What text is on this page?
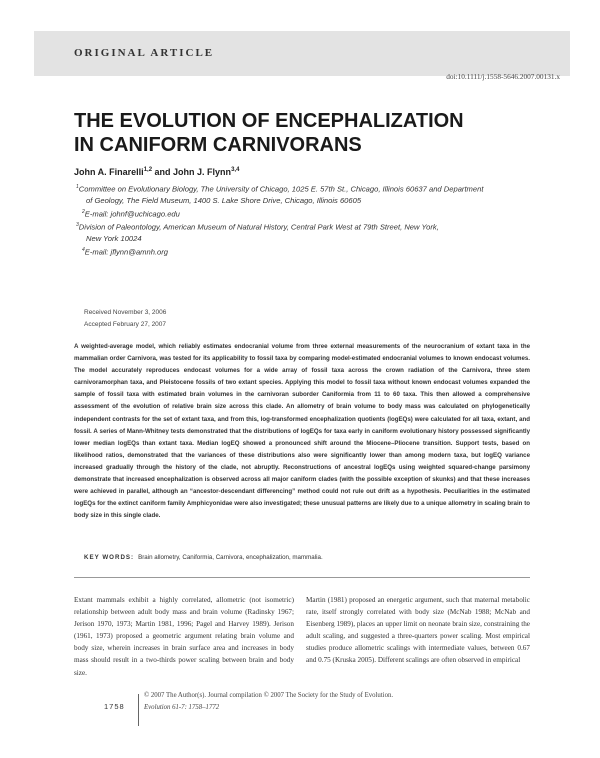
ORIGINAL ARTICLE
doi:10.1111/j.1558-5646.2007.00131.x
THE EVOLUTION OF ENCEPHALIZATION
IN CANIFORM CARNIVORANS
John A. Finarelli$^{1,2}$ and John J. Flynn$^{3,4}$
$^1$Committee on Evolutionary Biology, The University of Chicago, 1025 E. 57th St., Chicago, Illinois 60637 and Department
of Geology, The Field Museum, 1400 S. Lake Shore Drive, Chicago, Illinois 60605
$^2$E-mail: johnf@uchicago.edu
$^3$Division of Paleontology, American Museum of Natural History, Central Park West at 79th Street, New York,
New York 10024
$^4$E-mail: jflynn@amnh.org
Received November 3, 2006
Accepted February 27, 2007

A weighted-average model, which reliably estimates endocranial volume from three external measurements of the neurocranium of extant taxa in the mammalian order Carnivora, was tested for its applicability to fossil taxa by comparing model-estimated endocranial volumes to known endocast volumes. The model accurately reproduces endocast volumes for a wide array of fossil taxa across the crown radiation of the Carnivora, three stem carnivoramorphan taxa, and Pleistocene fossils of two extant species. Applying this model to fossil taxa without known endocast volumes expanded the sample of fossil taxa with estimated brain volumes in the carnivoran suborder Caniformia from 11 to 60 taxa. This then allowed a comprehensive assessment of the evolution of relative brain size across this clade. An allometry of brain volume to body mass was calculated on phylogenetically independent contrasts for the set of extant taxa, and from this, log-transformed encephalization quotients (logEQs) were calculated for all taxa, extant, and fossil. A series of Mann-Whitney tests demonstrated that the distributions of logEQs for taxa early in caniform evolutionary history possessed significantly lower median logEQs than extant taxa. Median logEQ showed a pronounced shift around the Miocene–Pliocene transition. Support tests, based on likelihood ratios, demonstrated that the variances of these distributions also were significantly lower than among modern taxa, but logEQ variance increased gradually through the history of the clade, not abruptly. Reconstructions of ancestral logEQs using weighted squared-change parsimony demonstrate that increased encephalization is observed across all major caniform clades (with the possible exception of skunks) and that these increases were achieved in parallel, although an “ancestor-descendant differencing” method could not rule out drift as a hypothesis. Peculiarities in the estimated logEQs for the extinct caniform family Amphicyonidae were also investigated; these unusual patterns are likely due to a unique allometry in scaling brain to body size in this single clade.

KEY WORDS: Brain allometry, Caniformia, Carnivora, encephalization, mammalia.

Extant mammals exhibit a highly correlated, allometric (not isometric) relationship between adult body mass and brain volume (Radinsky 1967; Jerison 1970, 1973; Martin 1981, 1996; Pagel and Harvey 1989). Jerison (1961, 1973) proposed a geometric argument relating brain volume and body size, wherein increases in brain surface area and increases in body mass should result in a two-thirds power scaling between brain and body size.

Martin (1981) proposed an energetic argument, such that maternal metabolic rate, itself strongly correlated with body size (McNab 1988; McNab and Eisenberg 1989), places an upper limit on neonate brain size, constraining the adult scaling, and suggested a three-quarters power scaling. Most empirical studies produce allometric scalings with intermediate values, between 0.67 and 0.75 (Kruska 2005). Different scalings are often observed in empirical

1758
© 2007 The Author(s). Journal compilation © 2007 The Society for the Study of Evolution.
Evolution 61-7: 1758–1772
